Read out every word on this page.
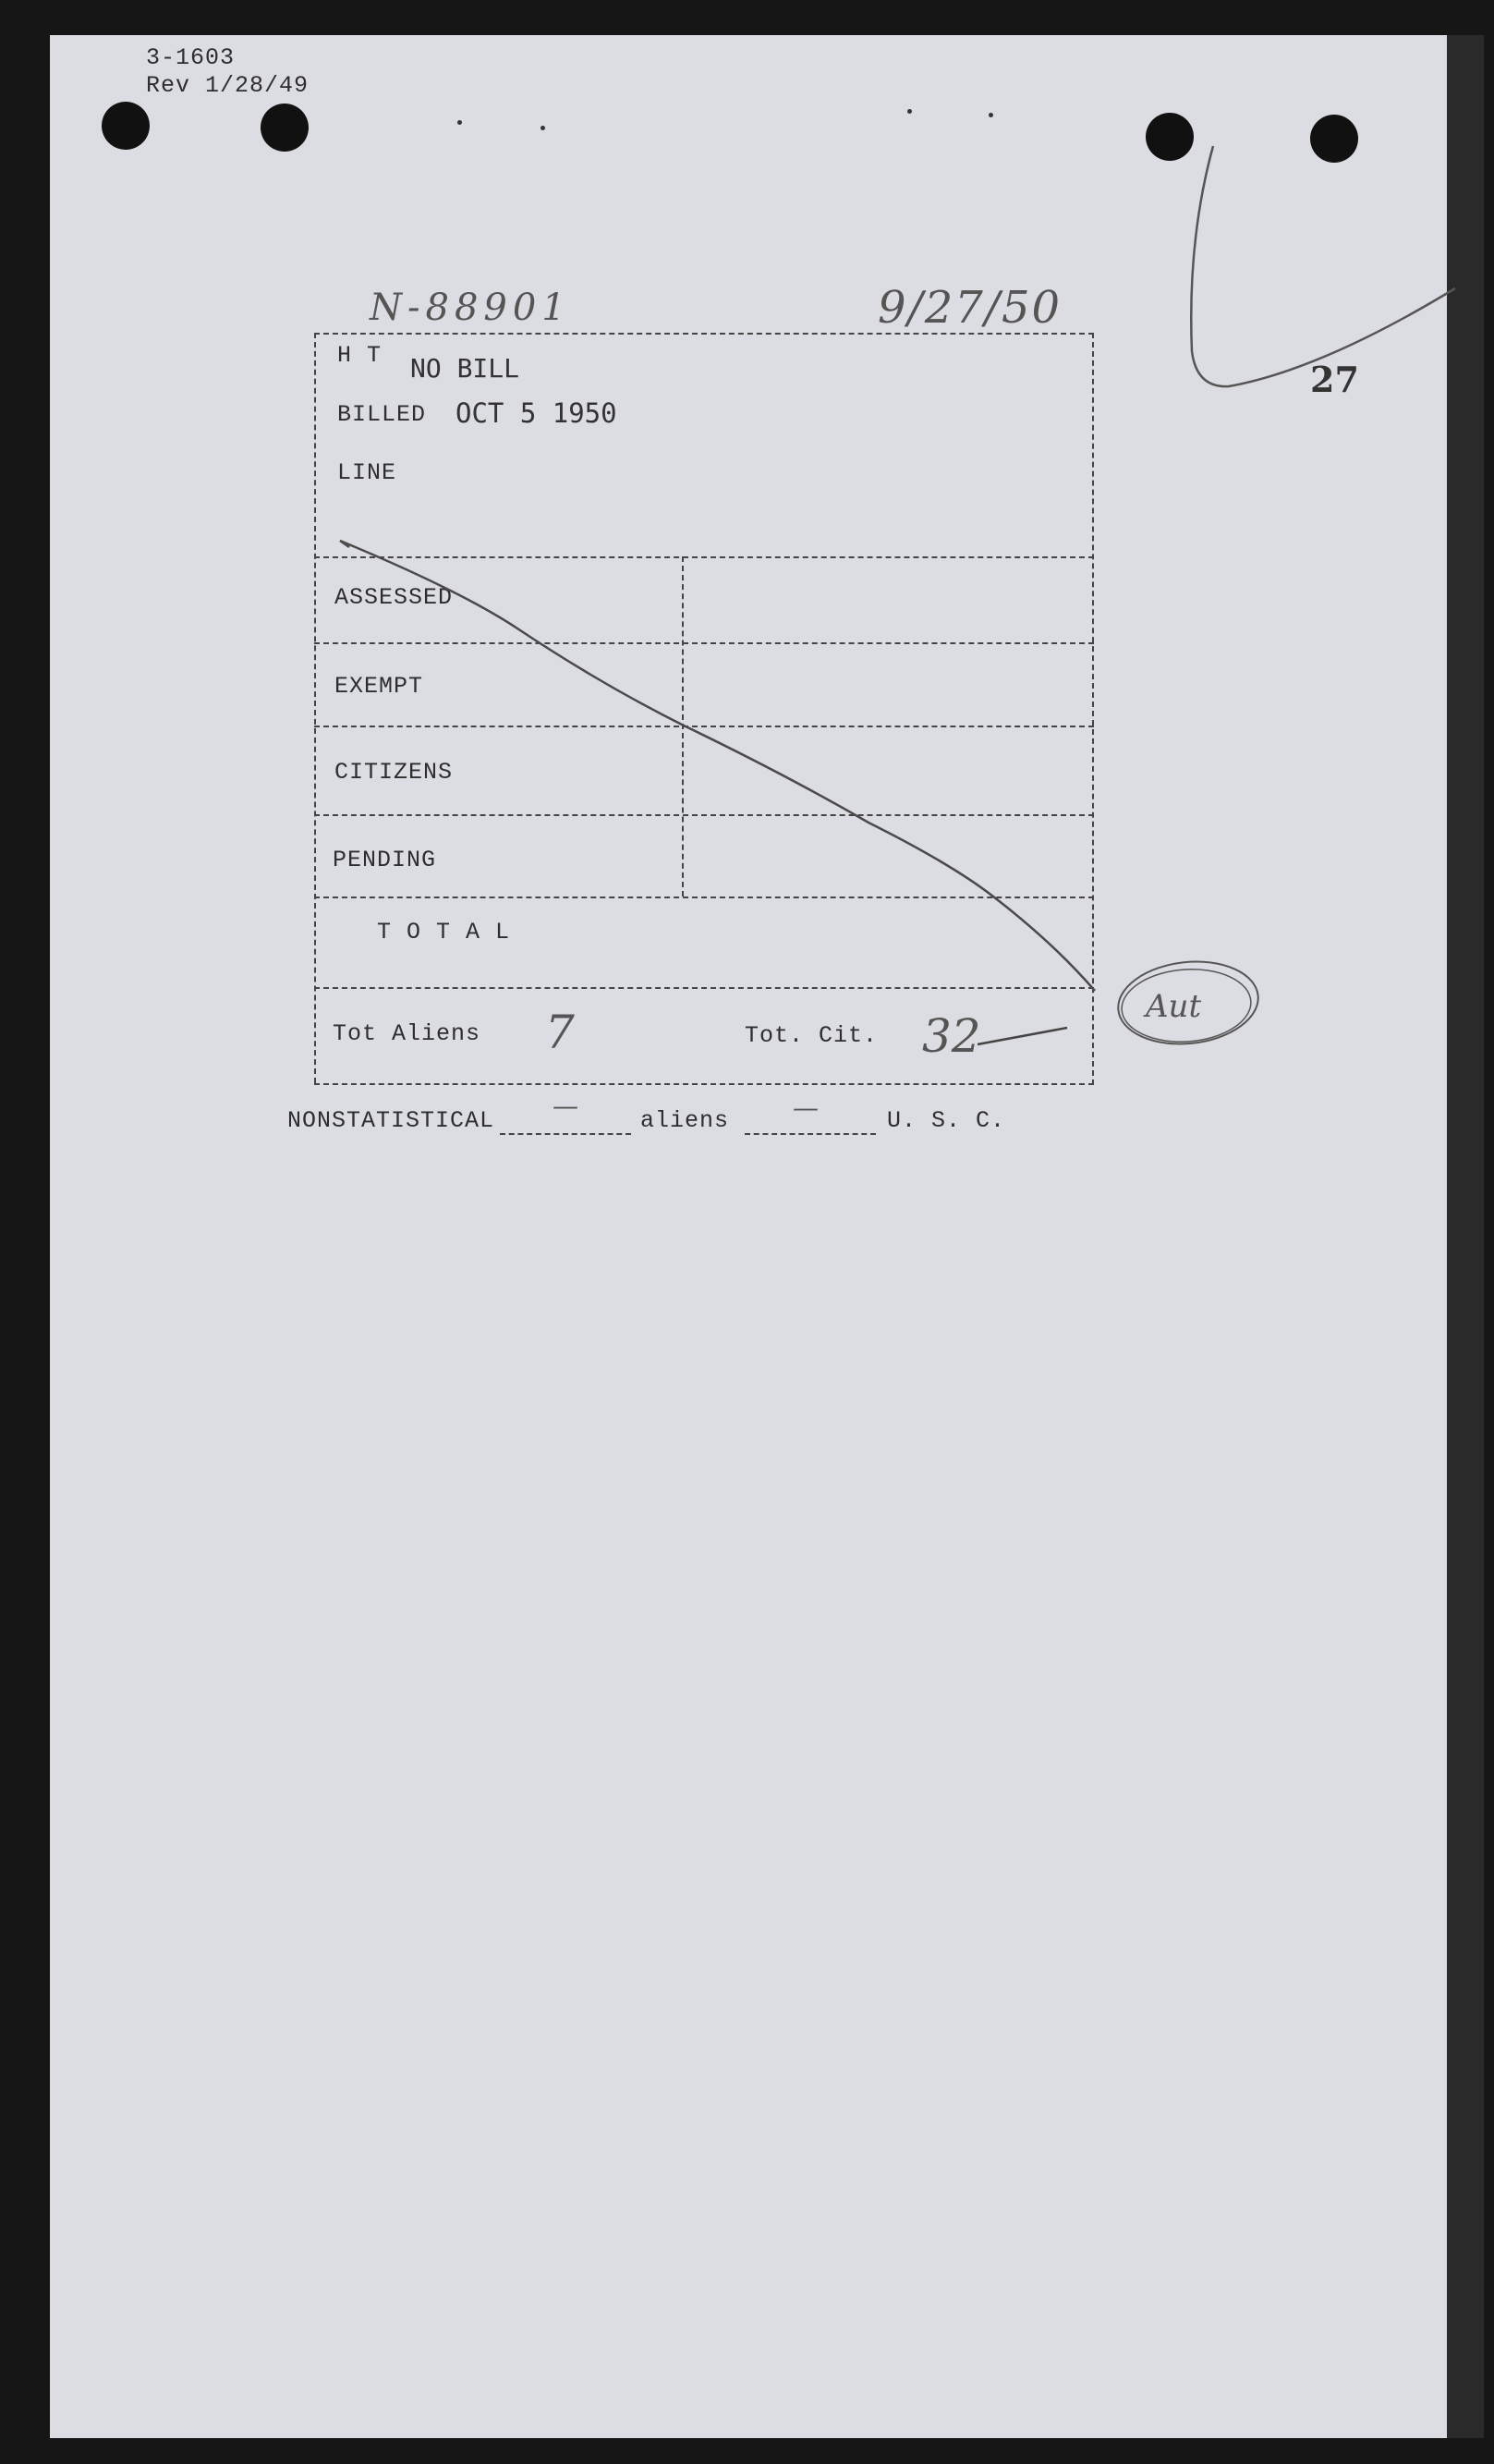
3-1603
Rev 1/28/49
27
N-88901	9/27/50
H T NO BILL
BILLED OCT 5 1950
LINE
ASSESSED
EXEMPT
CITIZENS
PENDING
T O T A L
Tot Aliens 7	Tot. Cit. 32
NONSTATISTICAL —	aliens —	U. S. C.
Aut
